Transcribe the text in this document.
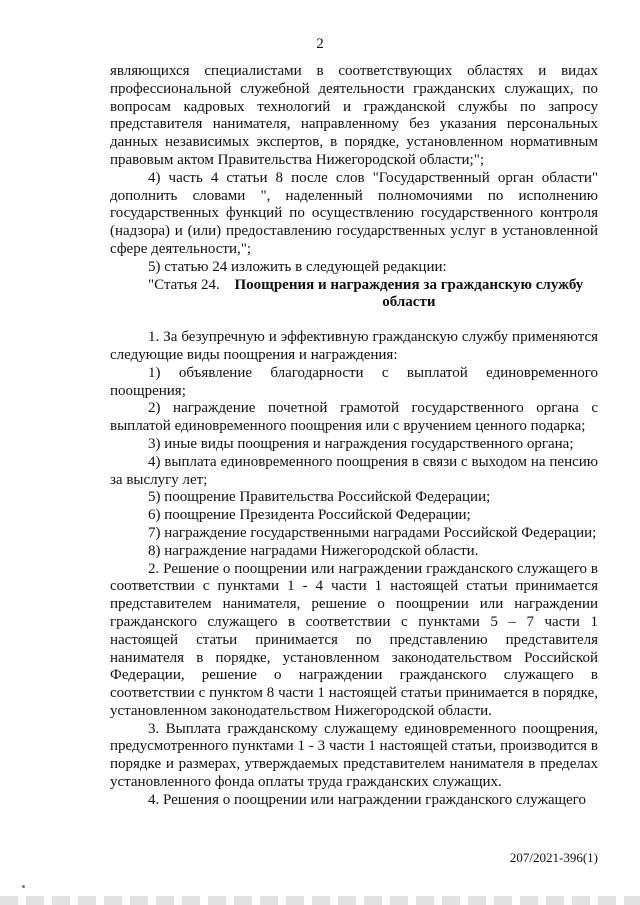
2

являющихся специалистами в соответствующих областях и видах профессиональной служебной деятельности гражданских служащих, по вопросам кадровых технологий и гражданской службы по запросу представителя нанимателя, направленному без указания персональных данных независимых экспертов, в порядке, установленном нормативным правовым актом Правительства Нижегородской области;";

4) часть 4 статьи 8 после слов "Государственный орган области" дополнить словами ", наделенный полномочиями по исполнению государственных функций по осуществлению государственного контроля (надзора) и (или) предоставлению государственных услуг в установленной сфере деятельности,";

5) статью 24 изложить в следующей редакции:

"Статья 24. Поощрения и награждения за гражданскую службу области

1. За безупречную и эффективную гражданскую службу применяются следующие виды поощрения и награждения:

1) объявление благодарности с выплатой единовременного поощрения;

2) награждение почетной грамотой государственного органа с выплатой единовременного поощрения или с вручением ценного подарка;

3) иные виды поощрения и награждения государственного органа;

4) выплата единовременного поощрения в связи с выходом на пенсию за выслугу лет;

5) поощрение Правительства Российской Федерации;

6) поощрение Президента Российской Федерации;

7) награждение государственными наградами Российской Федерации;

8) награждение наградами Нижегородской области.

2. Решение о поощрении или награждении гражданского служащего в соответствии с пунктами 1 - 4 части 1 настоящей статьи принимается представителем нанимателя, решение о поощрении или награждении гражданского служащего в соответствии с пунктами 5 – 7 части 1 настоящей статьи принимается по представлению представителя нанимателя в порядке, установленном законодательством Российской Федерации, решение о награждении гражданского служащего в соответствии с пунктом 8 части 1 настоящей статьи принимается в порядке, установленном законодательством Нижегородской области.

3. Выплата гражданскому служащему единовременного поощрения, предусмотренного пунктами 1 - 3 части 1 настоящей статьи, производится в порядке и размерах, утверждаемых представителем нанимателя в пределах установленного фонда оплаты труда гражданских служащих.

4. Решения о поощрении или награждении гражданского служащего

207/2021-396(1)
